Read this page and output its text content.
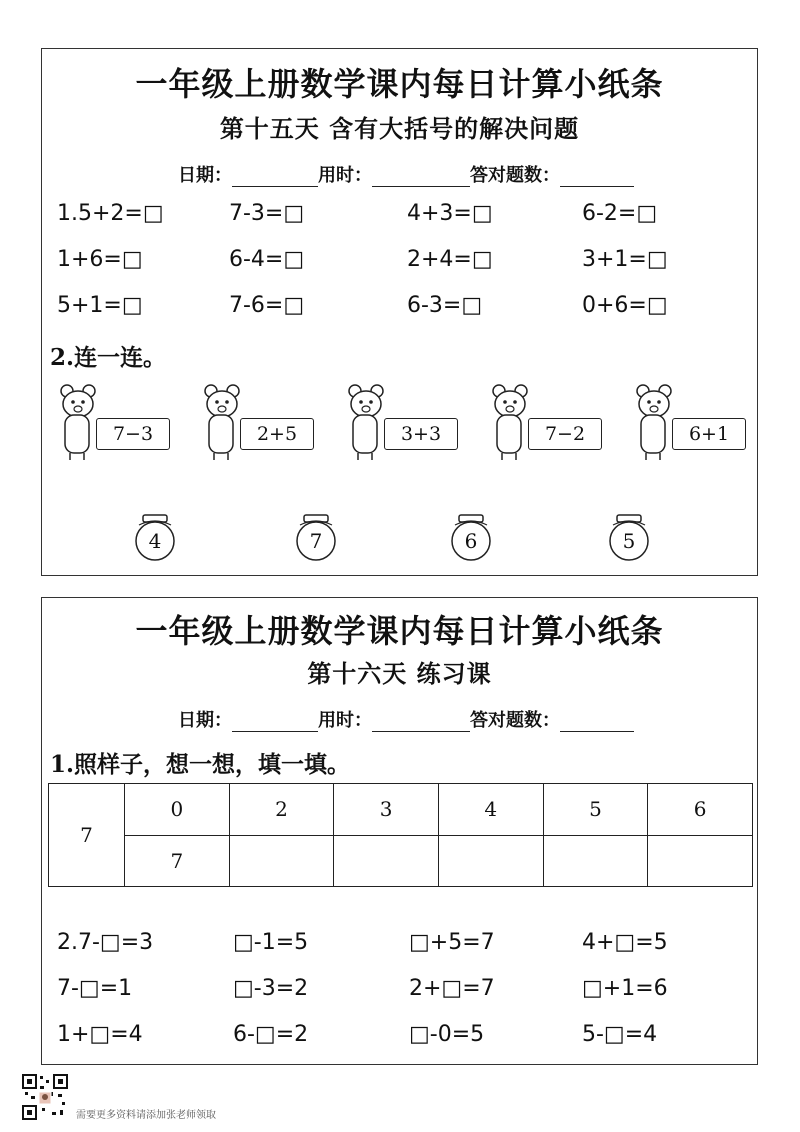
一年级上册数学课内每日计算小纸条
第十五天 含有大括号的解决问题
日期：	用时：	答对题数：
1.5+2=□	7-3=□	4+3=□	6-2=□
1+6=□	6-4=□	2+4=□	3+1=□
5+1=□	7-6=□	6-3=□	0+6=□
2.连一连。
7−3	2+5	3+3	7−2	6+1
4	7	6	5
一年级上册数学课内每日计算小纸条
第十六天 练习课
日期：	用时：	答对题数：
1.照样子，想一想，填一填。
7	0	2	3	4	5	6
	7					
2.7-□=3	□-1=5	□+5=7	4+□=5
7-□=1	□-3=2	2+□=7	□+1=6
1+□=4	6-□=2	□-0=5	5-□=4
需要更多资料请添加张老师领取
